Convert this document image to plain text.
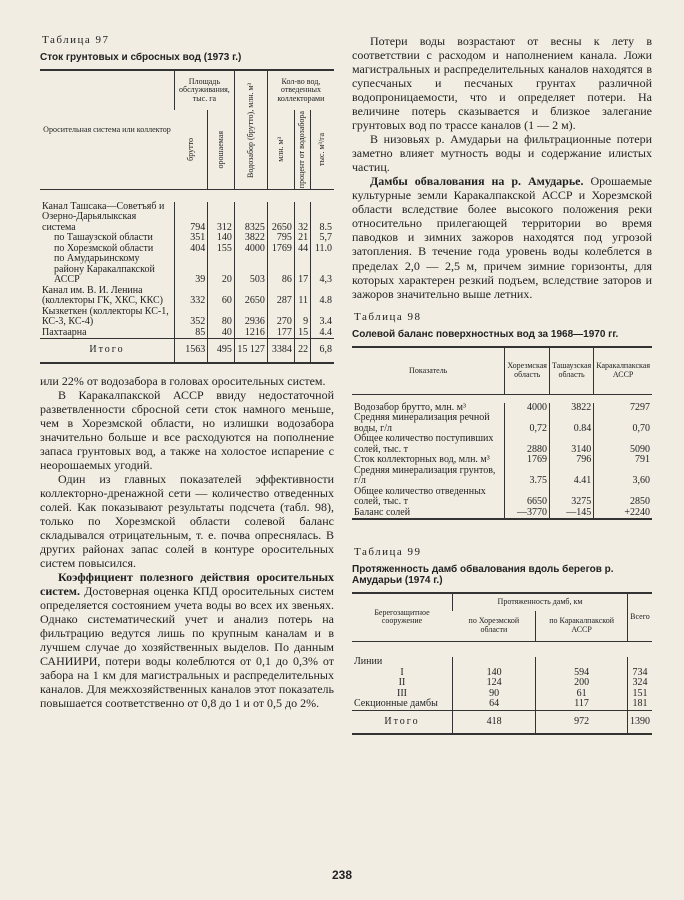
Таблица 97
Сток грунтовых и сбросных вод (1973 г.)
Оросительная система или коллектор	Площадь обслуживания, тыс. га		Водозабор (брутто), млн. м³	Кол-во вод, отведенных коллекторами		

	брутто	орошаемая		млн. м³	процент от водозабора	тыс. м³/га

Канал Ташсака—Советъяб и Озерно-Дарьялыкская система	794	312	8325	2650	32	8.5
по Ташаузской области	351	140	3822	795	21	5,7
по Хорезмской области	404	155	4000	1769	44	11.0
по Амударьинскому району Каракалпакской АССР	39	20	503	86	17	4,3
Канал им. В. И. Ленина (коллекторы ГК, ХКС, ККС)	332	60	2650	287	11	4.8
Кызкеткен (коллекторы КС-1, КС-3, КС-4)	352	80	2936	270	9	3.4
Пахтаарна	85	40	1216	177	15	4.4
Итого	1563	495	15 127	3384	22	6,8

или 22% от водозабора в головах оросительных систем.

В Каракалпакской АССР ввиду недостаточной разветвленности сбросной сети сток намного меньше, чем в Хорезмской области, но излишки водозабора значительно больше и все расходуются на пополнение запаса грунтовых вод, а также на холостое испарение с неорошаемых угодий.

Один из главных показателей эффективности коллекторно-дренажной сети — количество отведенных солей. Как показывают результаты подсчета (табл. 98), только по Хорезмской области солевой баланс складывался отрицательным, т. е. почва опреснялась. В других районах запас солей в контуре оросительных систем повысился.

Коэффициент полезного действия оросительных систем. Достоверная оценка КПД оросительных систем определяется состоянием учета воды во всех их звеньях. Однако систематический учет и анализ потерь на фильтрацию ведутся лишь по крупным каналам и в лучшем случае до хозяйственных выделов. По данным САНИИРИ, потери воды колеблются от 0,1 до 0,3% от забора на 1 км для магистральных и распределительных каналов. Для межхозяйственных каналов этот показатель повышается соответственно от 0,8 до 1 и от 0,5 до 2%.

Потери воды возрастают от весны к лету в соответствии с расходом и наполнением канала. Ложи магистральных и распределительных каналов находятся в супесчаных и песчаных грунтах различной водопроницаемости, что и определяет потери. На величине потерь сказывается и близкое залегание грунтовых вод по трассе каналов (1 — 2 м).

В низовьях р. Амударьи на фильтрационные потери заметно влияет мутность воды и содержание илистых частиц.

Дамбы обвалования на р. Амударье. Орошаемые культурные земли Каракалпакской АССР и Хорезмской области вследствие более высокого положения реки относительно прилегающей территории во время паводков и зимних зажоров находятся под угрозой затопления. В течение года уровень воды колеблется в пределах 2,0 — 2,5 м, причем зимние горизонты, для которых характерен резкий подъем, вследствие заторов и зажоров значительно выше летних.

Таблица 98
Солевой баланс поверхностных вод за 1968—1970 гг.
Показатель	Хорезмская область	Ташаузская область	Каракалпакская АССР

Водозабор брутто, млн. м³	4000	3822	7297
Средняя минерализация речной воды, г/л	0,72	0.84	0,70
Общее количество поступивших солей, тыс. т	2880	3140	5090
Сток коллекторных вод, млн. м³	1769	796	791
Средняя минерализация грунтов, г/л	3.75	4.41	3,60
Общее количество отведенных солей, тыс. т	6650	3275	2850
Баланс солей	—3770	—145	+2240
Таблица 99
Протяженность дамб обвалования вдоль берегов р. Амударьи (1974 г.)
Берегозащитное сооружение	Протяженность дамб, км		Всего
	по Хорезмской области	по Каракалпакской АССР	

Линии			
I	140	594	734
II	124	200	324
III	90	61	151
Секционные дамбы	64	117	181
Итого	418	972	1390
238
